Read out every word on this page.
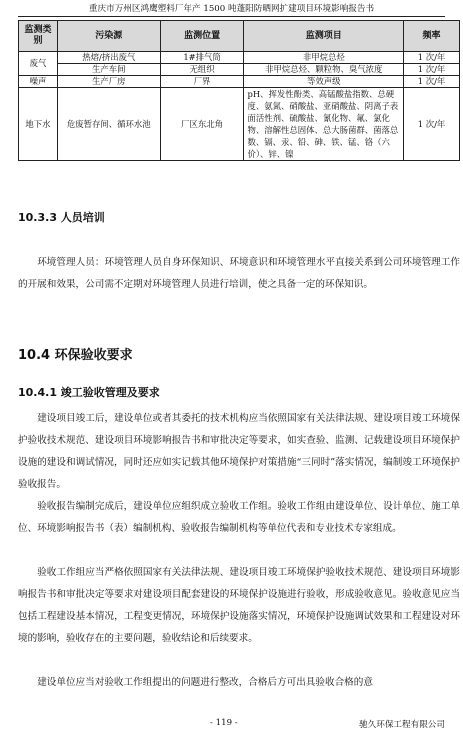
重庆市万州区鸿鹰塑料厂年产 1500 吨蓬阳防晒网扩建项目环境影响报告书
监测类别	污染源	监测位置	监测项目	频率
废气	热熔/挤出废气	1#排气筒	非甲烷总烃	1 次/年
	生产车间	无组织	非甲烷总烃、颗粒物、臭气浓度	1 次/年
噪声	生产厂房	厂界	等效声级	1 次/年
地下水	危废暂存间、循环水池	厂区东北角	pH、挥发性酚类、高锰酸盐指数、总硬度、氨氮、硝酸盐、亚硝酸盐、阴离子表面活性剂、硫酸盐、氰化物、氟、氯化物、溶解性总固体、总大肠菌群、菌落总数、镉、汞、铅、砷、铁、锰、铬（六价）、锌、镍	1 次/年
10.3.3 人员培训

环境管理人员：环境管理人员自身环保知识、环境意识和环境管理水平直接关系到公司环境管理工作的开展和效果，公司需不定期对环境管理人员进行培训，使之具备一定的环保知识。

10.4 环保验收要求
10.4.1 竣工验收管理及要求

建设项目竣工后，建设单位或者其委托的技术机构应当依照国家有关法律法规、建设项目竣工环境保护验收技术规范、建设项目环境影响报告书和审批决定等要求，如实查验、监测、记载建设项目环境保护设施的建设和调试情况，同时还应如实记载其他环境保护对策措施“三同时”落实情况，编制竣工环境保护验收报告。

验收报告编制完成后，建设单位应组织成立验收工作组。验收工作组由建设单位、设计单位、施工单位、环境影响报告书（表）编制机构、验收报告编制机构等单位代表和专业技术专家组成。

验收工作组应当严格依照国家有关法律法规、建设项目竣工环境保护验收技术规范、建设项目环境影响报告书和审批决定等要求对建设项目配套建设的环境保护设施进行验收，形成验收意见。验收意见应当包括工程建设基本情况，工程变更情况，环境保护设施落实情况，环境保护设施调试效果和工程建设对环境的影响，验收存在的主要问题，验收结论和后续要求。

建设单位应当对验收工作组提出的问题进行整改，合格后方可出具验收合格的意

- 119 -	驰久环保工程有限公司
